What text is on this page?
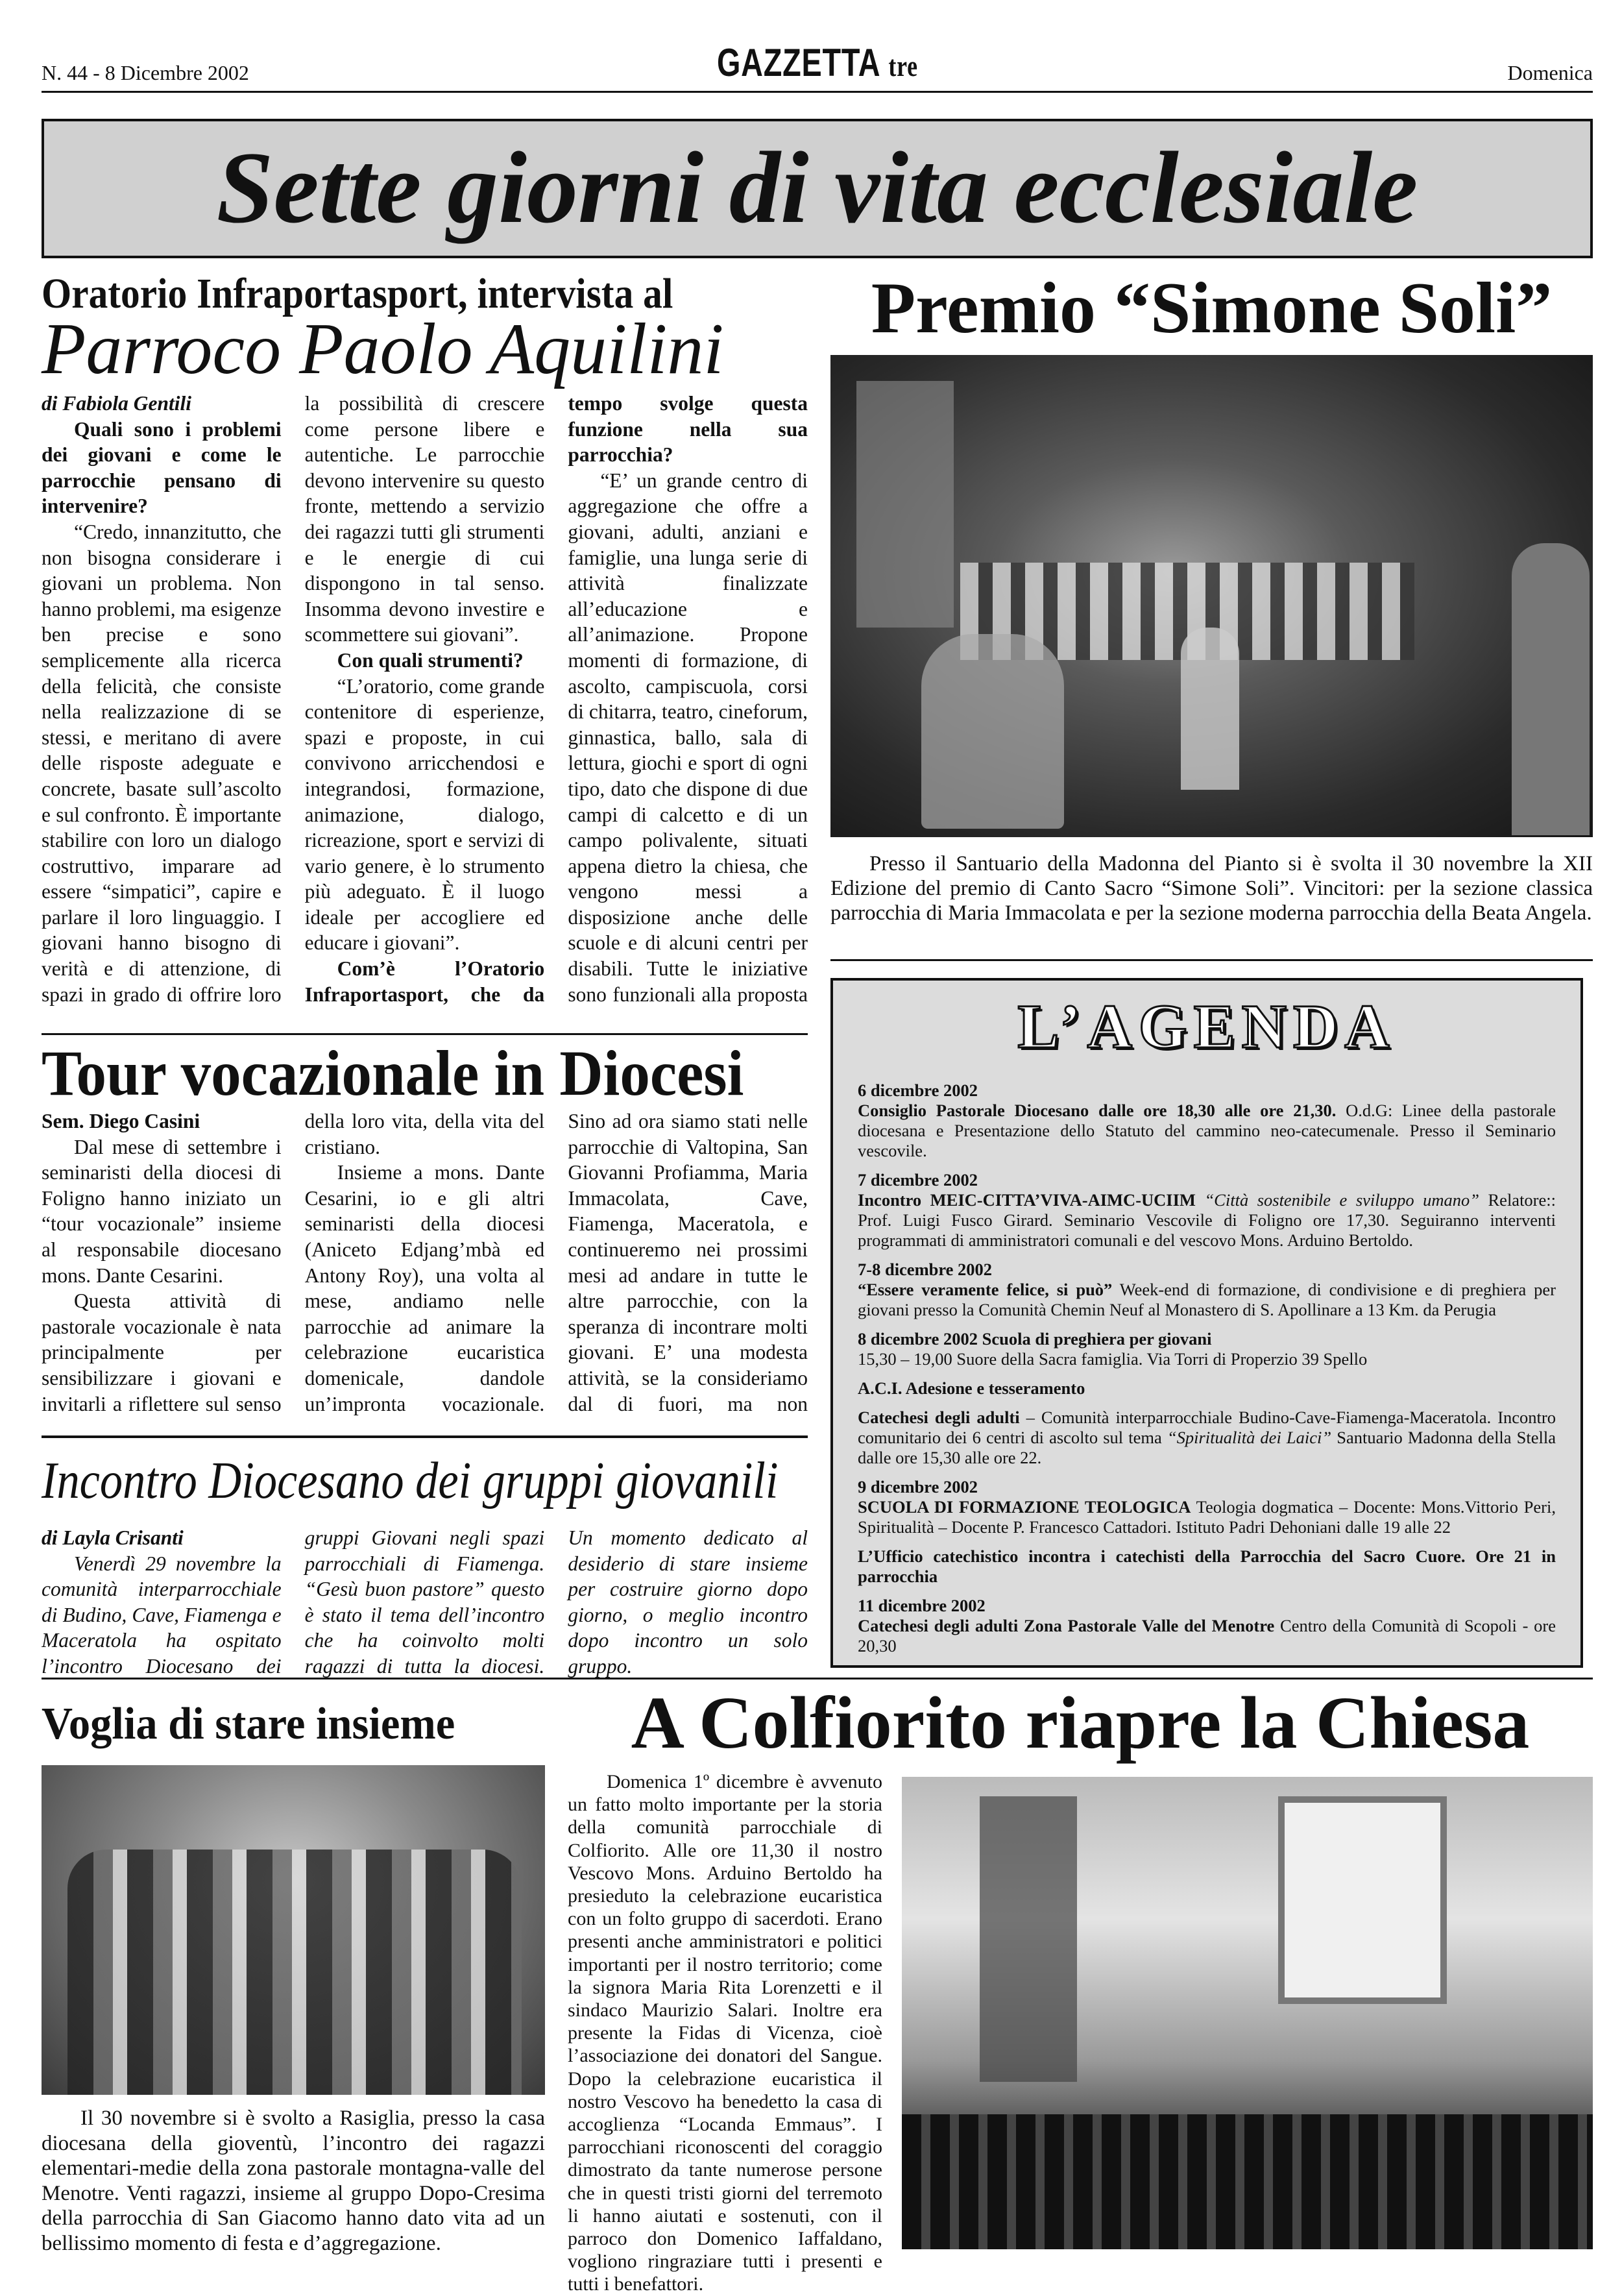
N. 44 - 8 Dicembre 2002	GAZZETTA tre	Domenica
Sette giorni di vita ecclesiale
Oratorio Infraportasport, intervista al
Parroco Paolo Aquilini

di Fabiola Gentili

Quali sono i problemi dei giovani e come le parrocchie pensano di intervenire?

“Credo, innanzitutto, che non bisogna considerare i giovani un problema. Non hanno problemi, ma esigenze ben precise e sono semplicemente alla ricerca della felicità, che consiste nella realizzazione di se stessi, e meritano di avere delle risposte adeguate e concrete, basate sull’ascolto e sul confronto. È importante stabilire con loro un dialogo costruttivo, imparare ad essere “simpatici”, capire e parlare il loro linguaggio. I giovani hanno bisogno di verità e di attenzione, di spazi in grado di offrire loro la possibilità di crescere come persone libere e autentiche. Le parrocchie devono intervenire su questo fronte, mettendo a servizio dei ragazzi tutti gli strumenti e le energie di cui dispongono in tal senso. Insomma devono investire e scommettere sui giovani”.

Con quali strumenti?

“L’oratorio, come grande contenitore di esperienze, spazi e proposte, in cui convivono arricchendosi e integrandosi, formazione, animazione, dialogo, ricreazione, sport e servizi di vario genere, è lo strumento più adeguato. È il luogo ideale per accogliere ed educare i giovani”.

Com’è l’Oratorio Infraportasport, che da tempo svolge questa funzione nella sua parrocchia?

“E’ un grande centro di aggregazione che offre a giovani, adulti, anziani e famiglie, una lunga serie di attività finalizzate all’educazione e all’animazione. Propone momenti di formazione, di ascolto, campiscuola, corsi di chitarra, teatro, cineforum, ginnastica, ballo, sala di lettura, giochi e sport di ogni tipo, dato che dispone di due campi di calcetto e di un campo polivalente, situati appena dietro la chiesa, che vengono messi a disposizione anche delle scuole e di alcuni centri per disabili. Tutte le iniziative sono funzionali alla proposta

Premio “Simone Soli”
Presso il Santuario della Madonna del Pianto si è svolta il 30 novembre la XII Edizione del premio di Canto Sacro “Simone Soli”. Vincitori: per la sezione classica parrocchia di Maria Immacolata e per la sezione moderna parrocchia della Beata Angela.
L’AGENDA
6 dicembre 2002
Consiglio Pastorale Diocesano dalle ore 18,30 alle ore 21,30. O.d.G: Linee della pastorale diocesana e Presentazione dello Statuto del cammino neo-catecumenale. Presso il Seminario vescovile.
7 dicembre 2002
Incontro MEIC-CITTA’VIVA-AIMC-UCIIM “Città sostenibile e sviluppo umano” Relatore:: Prof. Luigi Fusco Girard. Seminario Vescovile di Foligno ore 17,30. Seguiranno interventi programmati di amministratori comunali e del vescovo Mons. Arduino Bertoldo.
7-8 dicembre 2002
“Essere veramente felice, si può” Week-end di formazione, di condivisione e di preghiera per giovani presso la Comunità Chemin Neuf al Monastero di S. Apollinare a 13 Km. da Perugia
8 dicembre 2002 Scuola di preghiera per giovani
15,30 – 19,00 Suore della Sacra famiglia. Via Torri di Properzio 39 Spello
A.C.I. Adesione e tesseramento
Catechesi degli adulti – Comunità interparrocchiale Budino-Cave-Fiamenga-Maceratola. Incontro comunitario dei 6 centri di ascolto sul tema “Spiritualità dei Laici” Santuario Madonna della Stella dalle ore 15,30 alle ore 22.
9 dicembre 2002
SCUOLA DI FORMAZIONE TEOLOGICA Teologia dogmatica – Docente: Mons.Vittorio Peri, Spiritualità – Docente P. Francesco Cattadori. Istituto Padri Dehoniani dalle 19 alle 22
L’Ufficio catechistico incontra i catechisti della Parrocchia del Sacro Cuore. Ore 21 in parrocchia
11 dicembre 2002
Catechesi degli adulti Zona Pastorale Valle del Menotre Centro della Comunità di Scopoli - ore 20,30
Tour vocazionale in Diocesi

Sem. Diego Casini

Dal mese di settembre i seminaristi della diocesi di Foligno hanno iniziato un “tour vocazionale” insieme al responsabile diocesano mons. Dante Cesarini.

Questa attività di pastorale vocazionale è nata principalmente per sensibilizzare i giovani e invitarli a riflettere sul senso della loro vita, della vita del cristiano.

Insieme a mons. Dante Cesarini, io e gli altri seminaristi della diocesi (Aniceto Edjang’mbà ed Antony Roy), una volta al mese, andiamo nelle parrocchie ad animare la celebrazione eucaristica domenicale, dandole un’impronta vocazionale. Sino ad ora siamo stati nelle parrocchie di Valtopina, San Giovanni Profiamma, Maria Immacolata, Cave, Fiamenga, Maceratola, e continueremo nei prossimi mesi ad andare in tutte le altre parrocchie, con la speranza di incontrare molti giovani. E’ una modesta attività, se la consideriamo dal di fuori, ma non

Incontro Diocesano dei gruppi giovanili

di Layla Crisanti

Venerdì 29 novembre la comunità interparrocchiale di Budino, Cave, Fiamenga e Maceratola ha ospitato l’incontro Diocesano dei gruppi Giovani negli spazi parrocchiali di Fiamenga. “Gesù buon pastore” questo è stato il tema dell’incontro che ha coinvolto molti ragazzi di tutta la diocesi. Un momento dedicato al desiderio di stare insieme per costruire giorno dopo giorno, o meglio incontro dopo incontro un solo gruppo.

Voglia di stare insieme
Il 30 novembre si è svolto a Rasiglia, presso la casa diocesana della gioventù, l’incontro dei ragazzi elementari-medie della zona pastorale montagna-valle del Menotre. Venti ragazzi, insieme al gruppo Dopo-Cresima della parrocchia di San Giacomo hanno dato vita ad un bellissimo momento di festa e d’aggregazione.
A Colfiorito riapre la Chiesa
Domenica 1º dicembre è avvenuto un fatto molto importante per la storia della comunità parrocchiale di Colfiorito. Alle ore 11,30 il nostro Vescovo Mons. Arduino Bertoldo ha presieduto la celebrazione eucaristica con un folto gruppo di sacerdoti. Erano presenti anche amministratori e politici importanti per il nostro territorio; come la signora Maria Rita Lorenzetti e il sindaco Maurizio Salari. Inoltre era presente la Fidas di Vicenza, cioè l’associazione dei donatori del Sangue. Dopo la celebrazione eucaristica il nostro Vescovo ha benedetto la casa di accoglienza “Locanda Emmaus”. I parrocchiani riconoscenti del coraggio dimostrato da tante numerose persone che in questi tristi giorni del terremoto li hanno aiutati e sostenuti, con il parroco don Domenico Iaffaldano, vogliono ringraziare tutti i presenti e tutti i benefattori.
